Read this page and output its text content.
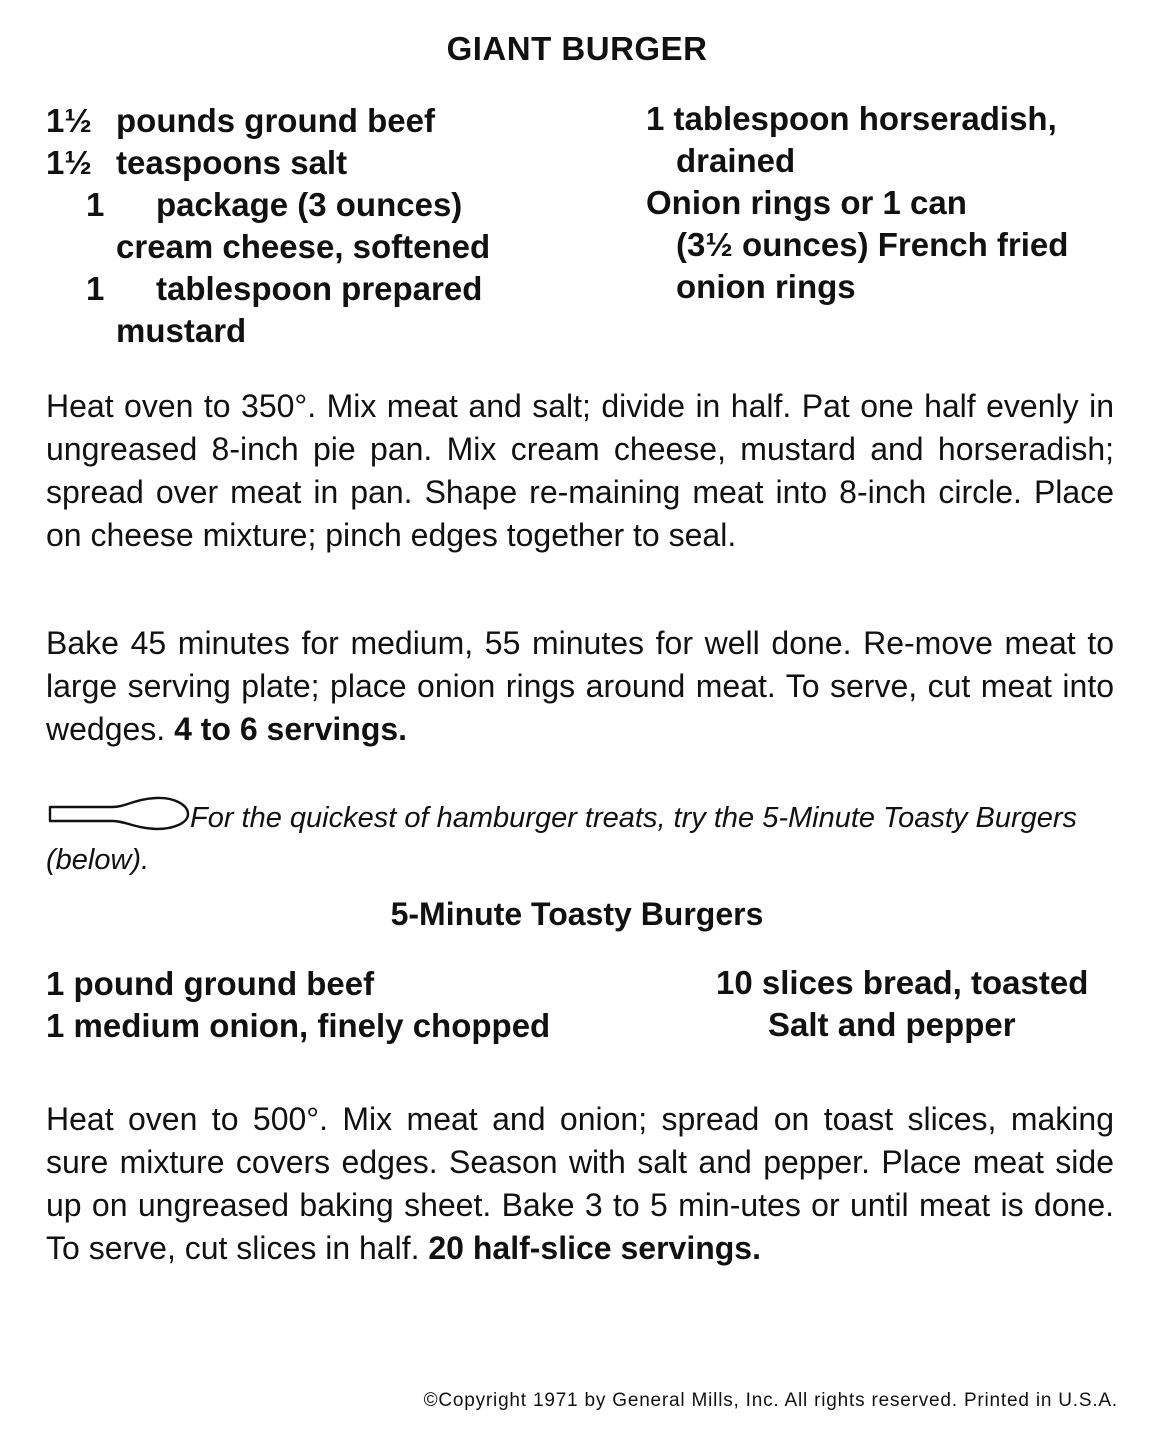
GIANT BURGER
1½ pounds ground beef
1½ teaspoons salt
1 package (3 ounces)
cream cheese, softened
1 tablespoon prepared
mustard
1 tablespoon horseradish,
drained
Onion rings or 1 can
(3½ ounces) French fried
onion rings

Heat oven to 350°. Mix meat and salt; divide in half. Pat one half evenly in ungreased 8-inch pie pan. Mix cream cheese, mustard and horseradish; spread over meat in pan. Shape re-maining meat into 8-inch circle. Place on cheese mixture; pinch edges together to seal.

Bake 45 minutes for medium, 55 minutes for well done. Re-move meat to large serving plate; place onion rings around meat. To serve, cut meat into wedges. 4 to 6 servings.

For the quickest of hamburger treats, try the 5-Minute Toasty Burgers (below).

5-Minute Toasty Burgers
1 pound ground beef
1 medium onion, finely chopped
10 slices bread, toasted
Salt and pepper

Heat oven to 500°. Mix meat and onion; spread on toast slices, making sure mixture covers edges. Season with salt and pepper. Place meat side up on ungreased baking sheet. Bake 3 to 5 min-utes or until meat is done. To serve, cut slices in half. 20 half-slice servings.

©Copyright 1971 by General Mills, Inc. All rights reserved. Printed in U.S.A.
